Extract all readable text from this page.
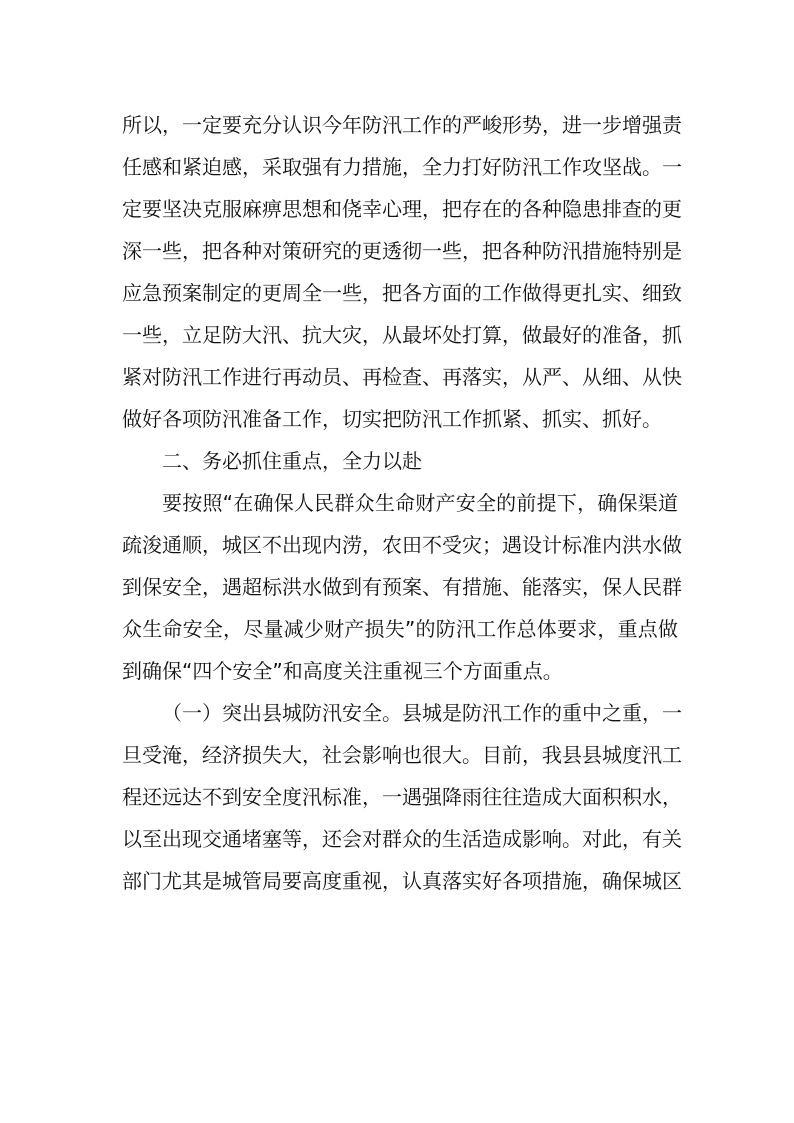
所以，一定要充分认识今年防汛工作的严峻形势，进一步增强责
任感和紧迫感，采取强有力措施，全力打好防汛工作攻坚战。一
定要坚决克服麻痹思想和侥幸心理，把存在的各种隐患排查的更
深一些，把各种对策研究的更透彻一些，把各种防汛措施特别是
应急预案制定的更周全一些，把各方面的工作做得更扎实、细致
一些，立足防大汛、抗大灾，从最坏处打算，做最好的准备，抓
紧对防汛工作进行再动员、再检查、再落实，从严、从细、从快
做好各项防汛准备工作，切实把防汛工作抓紧、抓实、抓好。
二、务必抓住重点，全力以赴
要按照“在确保人民群众生命财产安全的前提下，确保渠道
疏浚通顺，城区不出现内涝，农田不受灾；遇设计标准内洪水做
到保安全，遇超标洪水做到有预案、有措施、能落实，保人民群
众生命安全，尽量减少财产损失”的防汛工作总体要求，重点做
到确保“四个安全”和高度关注重视三个方面重点。
（一）突出县城防汛安全。县城是防汛工作的重中之重，一
旦受淹，经济损失大，社会影响也很大。目前，我县县城度汛工
程还远达不到安全度汛标准，一遇强降雨往往造成大面积积水，
以至出现交通堵塞等，还会对群众的生活造成影响。对此，有关
部门尤其是城管局要高度重视，认真落实好各项措施，确保城区
